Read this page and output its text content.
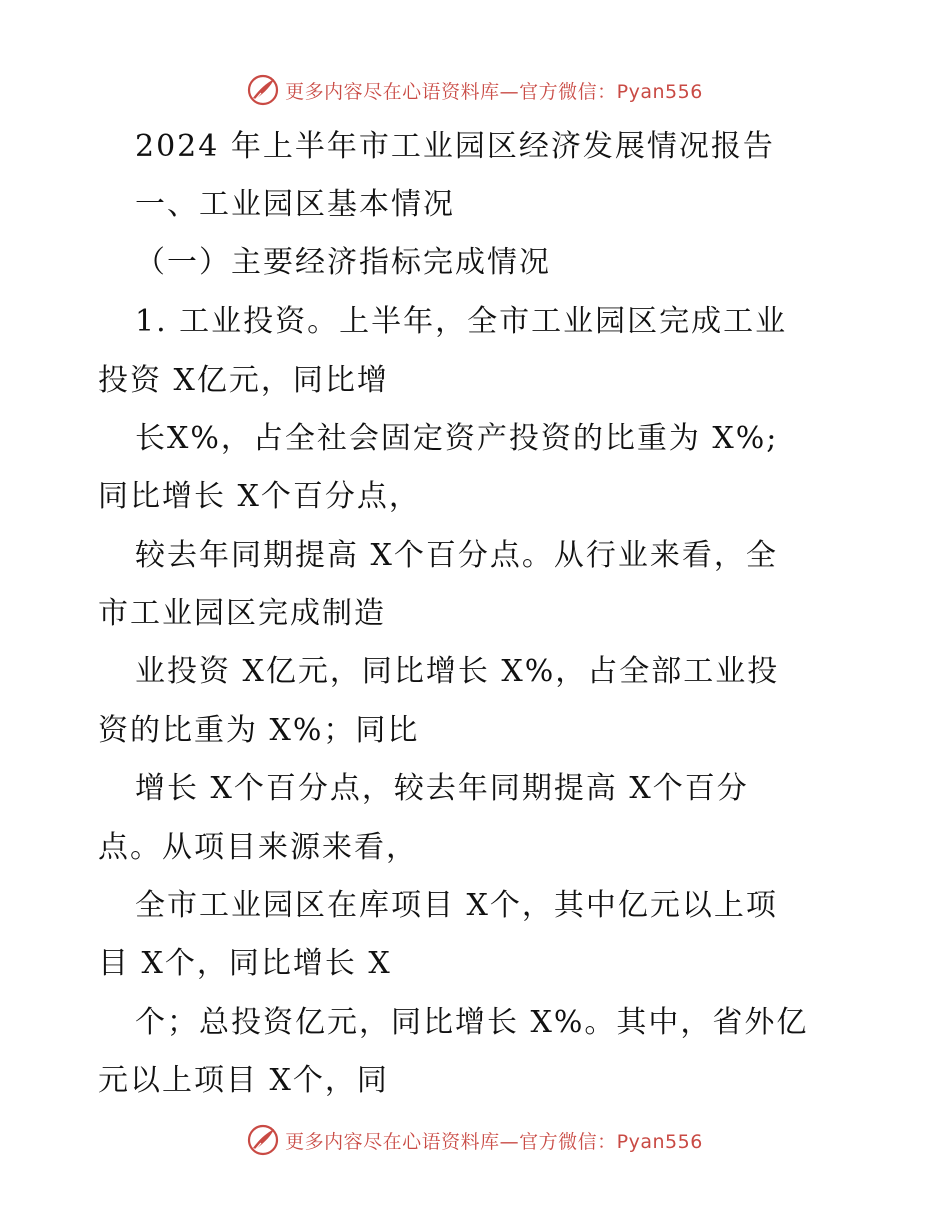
更多内容尽在心语资料库—官方微信：Pyan556
2024 年上半年市工业园区经济发展情况报告
一、工业园区基本情况
（一）主要经济指标完成情况
1. 工业投资。上半年，全市工业园区完成工业
投资 X亿元，同比增
长X%，占全社会固定资产投资的比重为 X%;
同比增长 X个百分点，
较去年同期提高 X个百分点。从行业来看，全
市工业园区完成制造
业投资 X亿元，同比增长 X%，占全部工业投
资的比重为 X%；同比
增长 X个百分点，较去年同期提高 X个百分
点。从项目来源来看，
全市工业园区在库项目 X个，其中亿元以上项
目 X个，同比增长 X
个；总投资亿元，同比增长 X%。其中，省外亿
元以上项目 X个，同
更多内容尽在心语资料库—官方微信：Pyan556
